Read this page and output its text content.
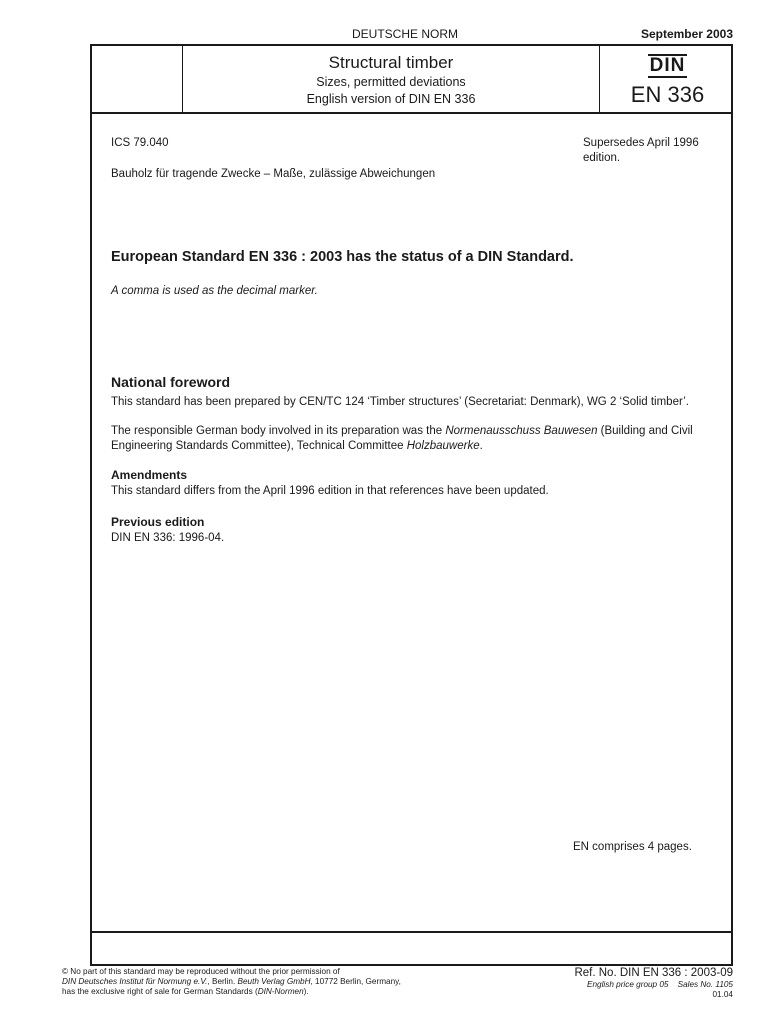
DEUTSCHE NORM	September 2003
Structural timber
Sizes, permitted deviations
English version of DIN EN 336
DIN
EN 336
ICS 79.040	Supersedes April 1996
edition.
Bauholz für tragende Zwecke – Maße, zulässige Abweichungen
European Standard EN 336 : 2003 has the status of a DIN Standard.
A comma is used as the decimal marker.
National foreword
This standard has been prepared by CEN/TC 124 ‘Timber structures’ (Secretariat: Denmark), WG 2 ‘Solid timber’.
The responsible German body involved in its preparation was the Normenausschuss Bauwesen (Building and Civil Engineering Standards Committee), Technical Committee Holzbauwerke.
Amendments
This standard differs from the April 1996 edition in that references have been updated.
Previous edition
DIN EN 336: 1996-04.
EN comprises 4 pages.
© No part of this standard may be reproduced without the prior permission of
DIN Deutsches Institut für Normung e.V., Berlin. Beuth Verlag GmbH, 10772 Berlin, Germany,
has the exclusive right of sale for German Standards (DIN-Normen).
Ref. No. DIN EN 336 : 2003-09
English price group 05 Sales No. 1105
01.04
